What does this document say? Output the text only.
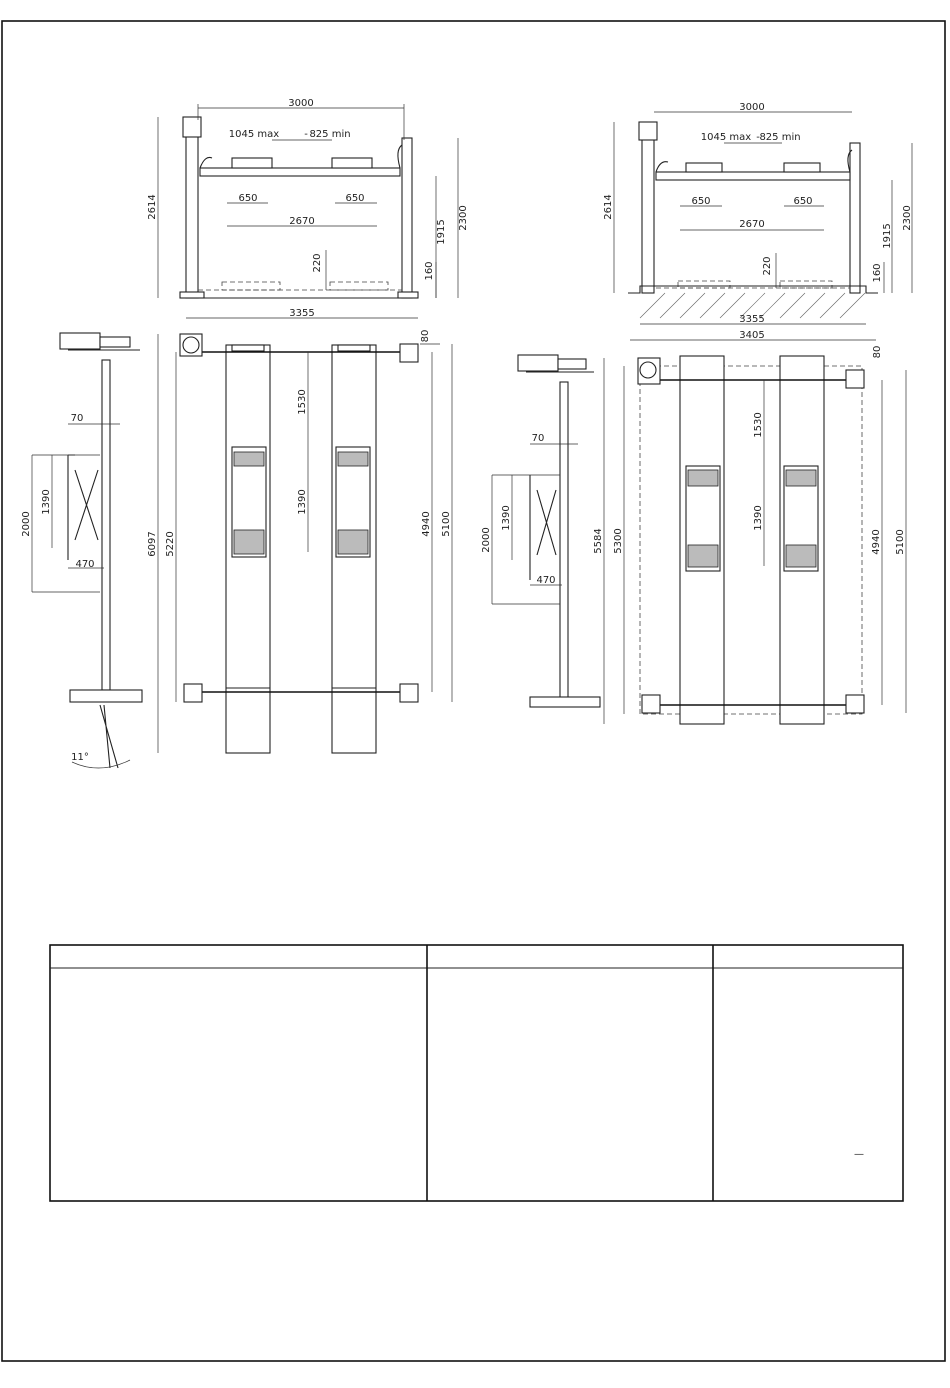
3000
1045 max - 825 min
650	650
2670
3355
2614	2300
1915
220	160
3000
1045 max - 825 min
650	650
2670
3355
3405
2614	2300
1915
220	160
70
2000
1390
470
11°
70
2000
1390
470
6097 5220
1530
1390
4940 5100
80
5584 5300
1530
1390
4940 5100
80
—
